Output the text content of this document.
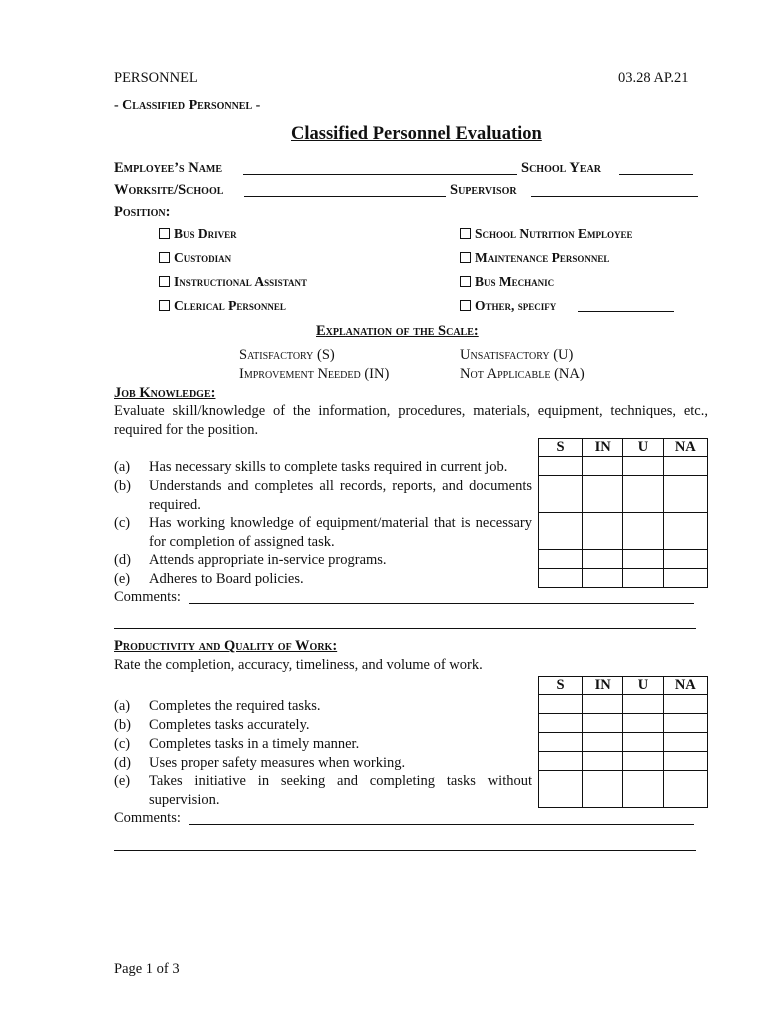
PERSONNEL	03.28 AP.21
- Classified Personnel -
Classified Personnel Evaluation
Employee’s Name	School Year
Worksite/School	Supervisor
Position:
Bus Driver
Custodian
Instructional Assistant
Clerical Personnel
School Nutrition Employee
Maintenance Personnel
Bus Mechanic
Other, specify
Explanation of the Scale:
Satisfactory (S)
Improvement Needed (IN)
Unsatisfactory (U)
Not Applicable (NA)
Job Knowledge:
Evaluate skill/knowledge of the information, procedures, materials, equipment, techniques, etc., required for the position.
S	IN	U	NA

(a) Has necessary skills to complete tasks required in current job.
(b) Understands and completes all records, reports, and documents required.
(c) Has working knowledge of equipment/material that is necessary for completion of assigned task.
(d) Attends appropriate in-service programs.
(e) Adheres to Board policies.
Comments:
Productivity and Quality of Work:
Rate the completion, accuracy, timeliness, and volume of work.
S	IN	U	NA

(a) Completes the required tasks.
(b) Completes tasks accurately.
(c) Completes tasks in a timely manner.
(d) Uses proper safety measures when working.
(e) Takes initiative in seeking and completing tasks without supervision.
Comments:
Page 1 of 3
